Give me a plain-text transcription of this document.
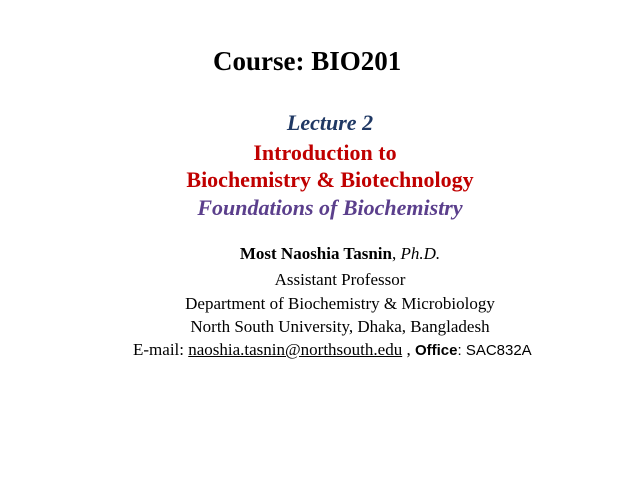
Course: BIO201
Lecture 2
Introduction to
Biochemistry & Biotechnology
Foundations of Biochemistry
Most Naoshia Tasnin, Ph.D.
Assistant Professor
Department of Biochemistry & Microbiology
North South University, Dhaka, Bangladesh
E-mail: naoshia.tasnin@northsouth.edu , Office: SAC832A
